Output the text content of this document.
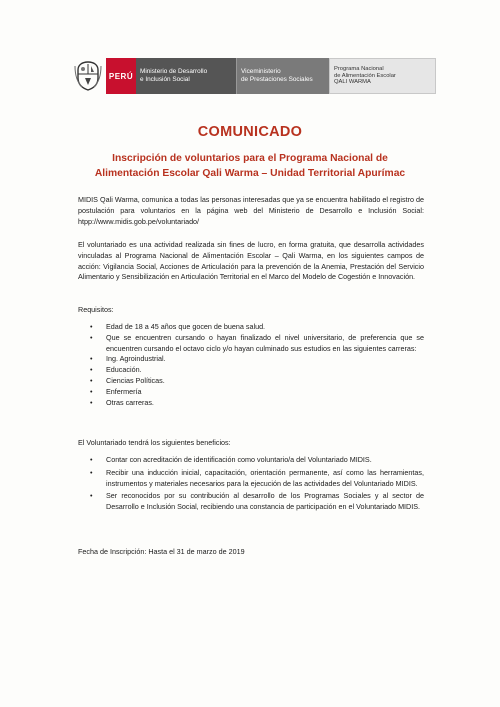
PERÚ	Ministerio de Desarrollo
e Inclusión Social
Viceministerio
de Prestaciones Sociales
Programa Nacional
de Alimentación Escolar
QALI WARMA
COMUNICADO
Inscripción de voluntarios para el Programa Nacional de
Alimentación Escolar Qali Warma – Unidad Territorial Apurímac
MIDIS Qali Warma, comunica a todas las personas interesadas que ya se encuentra habilitado el registro de postulación para voluntarios en la página web del Ministerio de Desarrollo e Inclusión Social: htpp://www.midis.gob.pe/voluntariado/
El voluntariado es una actividad realizada sin fines de lucro, en forma gratuita, que desarrolla actividades vinculadas al Programa Nacional de Alimentación Escolar – Qali Warma, en los siguientes campos de acción: Vigilancia Social, Acciones de Articulación para la prevención de la Anemia, Prestación del Servicio Alimentario y Sensibilización en Articulación Territorial en el Marco del Modelo de Cogestión e Innovación.
Requisitos:
• Edad de 18 a 45 años que gocen de buena salud.
• Que se encuentren cursando o hayan finalizado el nivel universitario, de preferencia que se encuentren cursando el octavo ciclo y/o hayan culminado sus estudios en las siguientes carreras:
• Ing. Agroindustrial.
• Educación.
• Ciencias Políticas.
• Enfermería
• Otras carreras.
El Voluntariado tendrá los siguientes beneficios:
• Contar con acreditación de identificación como voluntario/a del Voluntariado MIDIS.
• Recibir una inducción inicial, capacitación, orientación permanente, así como las herramientas, instrumentos y materiales necesarios para la ejecución de las actividades del Voluntariado MIDIS.
• Ser reconocidos por su contribución al desarrollo de los Programas Sociales y al sector de Desarrollo e Inclusión Social, recibiendo una constancia de participación en el Voluntariado MIDIS.
Fecha de Inscripción: Hasta el 31 de marzo de 2019
